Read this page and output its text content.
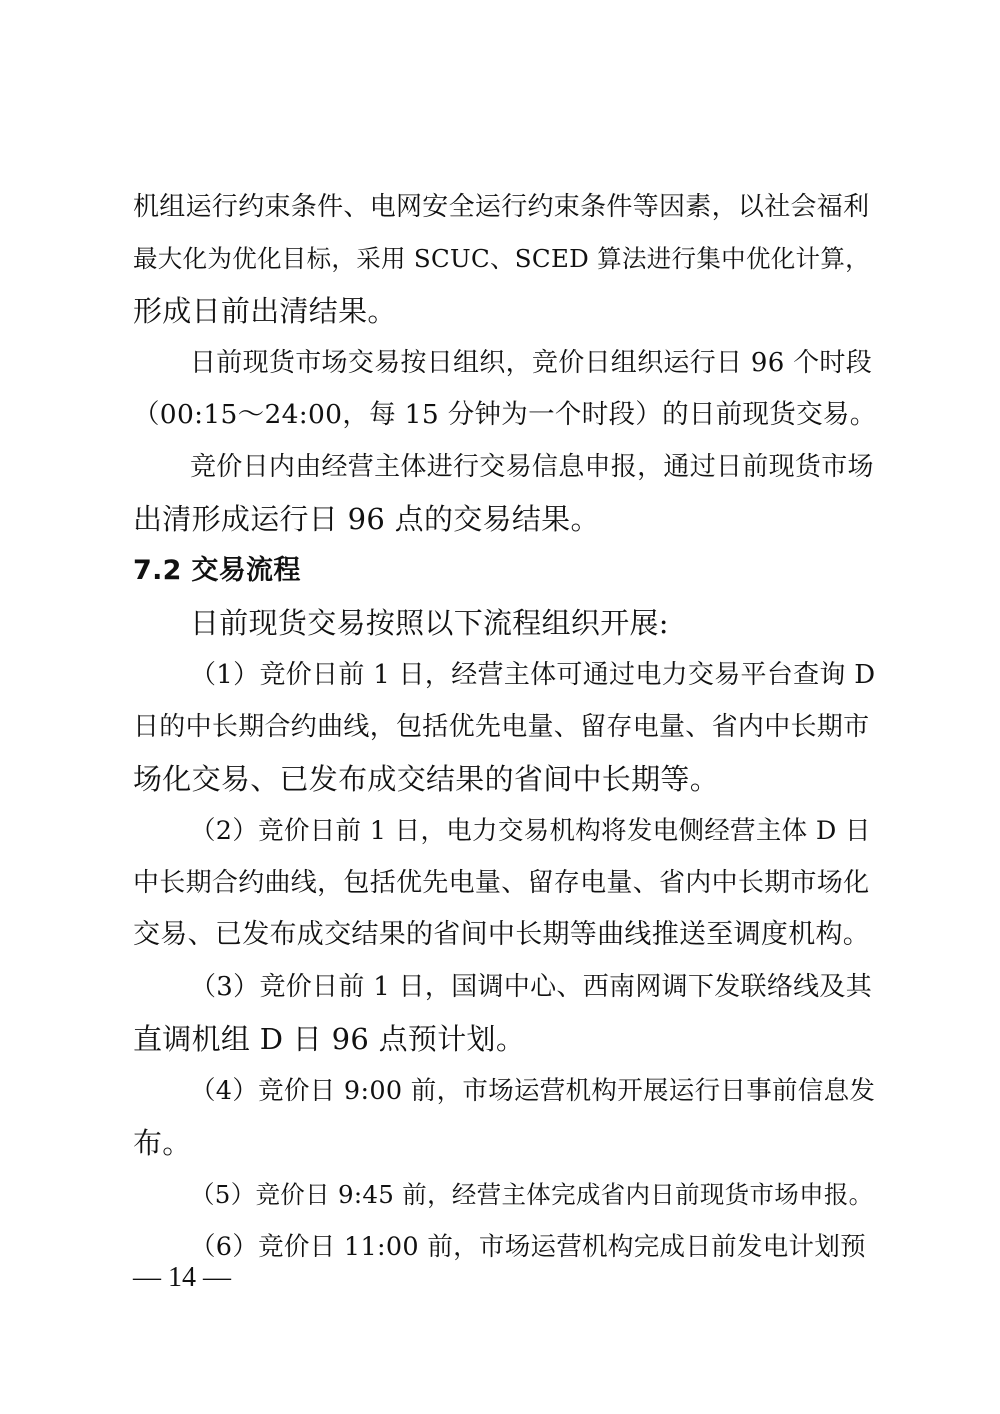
机组运行约束条件、电网安全运行约束条件等因素，以社会福利
最大化为优化目标，采用 SCUC、SCED 算法进行集中优化计算，
形成日前出清结果。
日前现货市场交易按日组织，竞价日组织运行日 96 个时段
（00:15～24:00，每 15 分钟为一个时段）的日前现货交易。
竞价日内由经营主体进行交易信息申报，通过日前现货市场
出清形成运行日 96 点的交易结果。
7.2 交易流程
日前现货交易按照以下流程组织开展:
（1）竞价日前 1 日，经营主体可通过电力交易平台查询 D
日的中长期合约曲线，包括优先电量、留存电量、省内中长期市
场化交易、已发布成交结果的省间中长期等。
（2）竞价日前 1 日，电力交易机构将发电侧经营主体 D 日
中长期合约曲线，包括优先电量、留存电量、省内中长期市场化
交易、已发布成交结果的省间中长期等曲线推送至调度机构。
（3）竞价日前 1 日，国调中心、西南网调下发联络线及其
直调机组 D 日 96 点预计划。
（4）竞价日 9:00 前，市场运营机构开展运行日事前信息发
布。
（5）竞价日 9:45 前，经营主体完成省内日前现货市场申报。
（6）竞价日 11:00 前，市场运营机构完成日前发电计划预
— 14 —
